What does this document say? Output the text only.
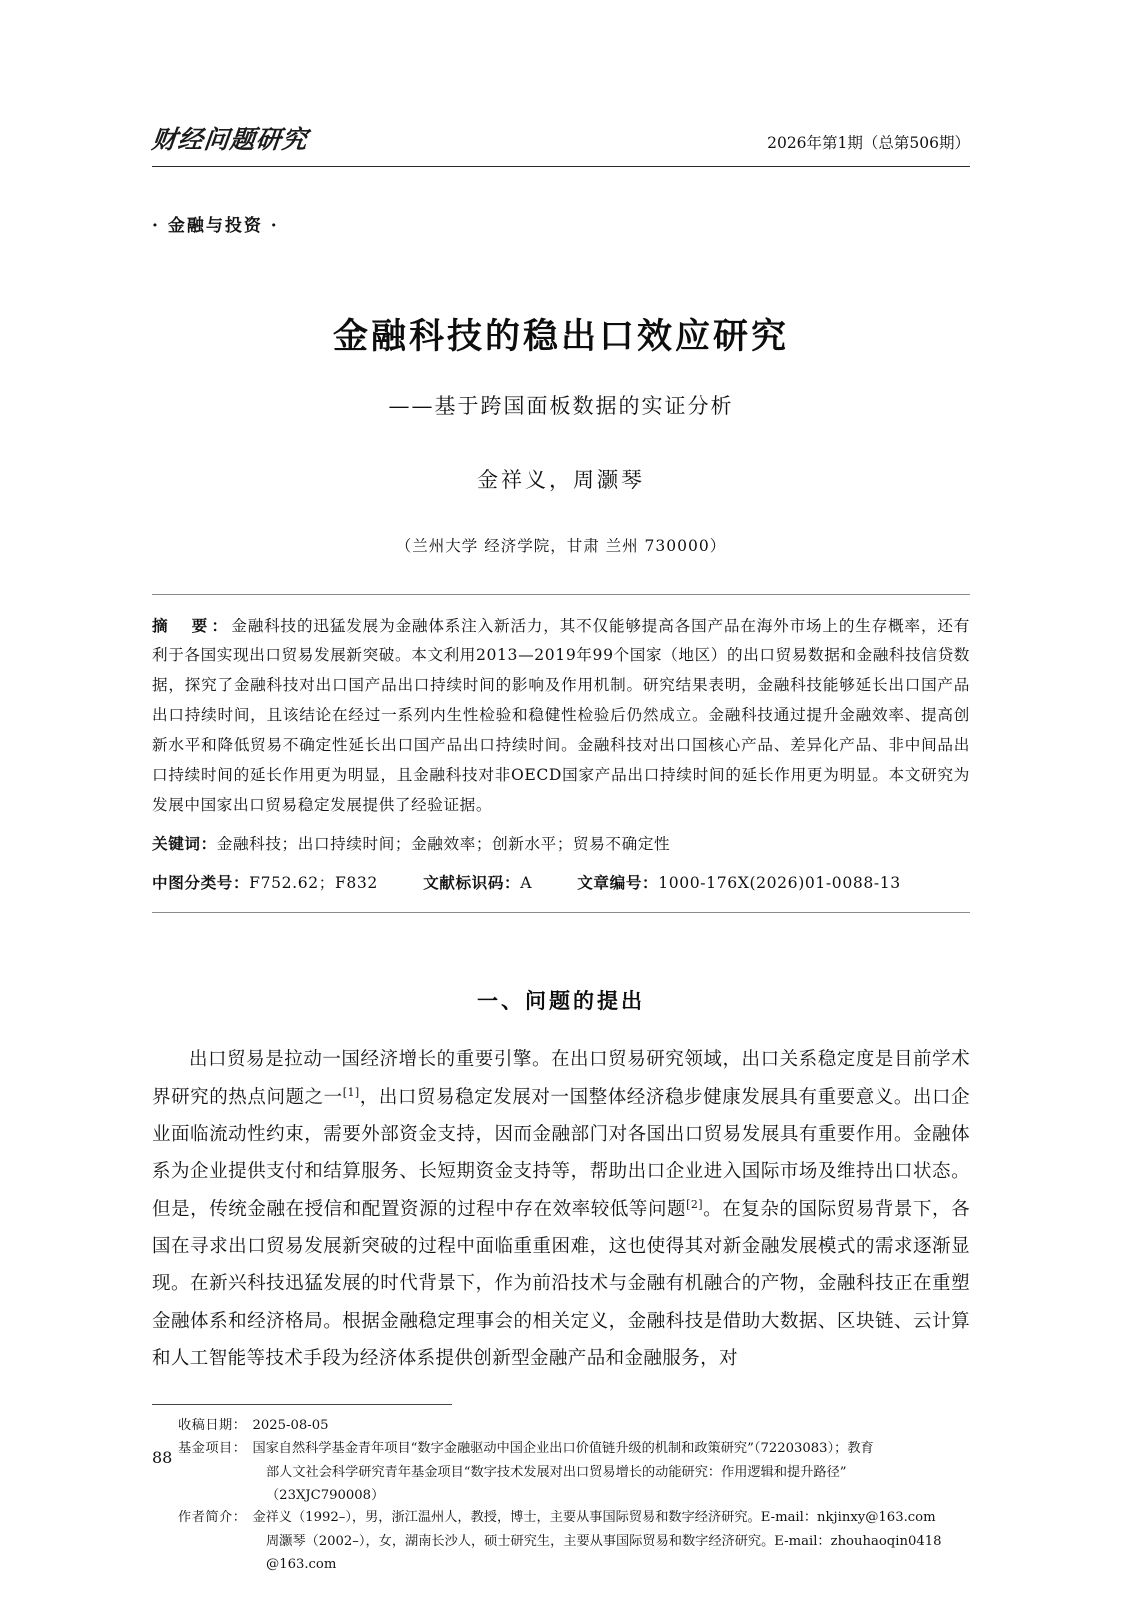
财经问题研究	2026年第1期（总第506期）
· 金融与投资 ·
金融科技的稳出口效应研究
——基于跨国面板数据的实证分析
金祥义，周灏琴
（兰州大学 经济学院，甘肃 兰州 730000）
摘　要：金融科技的迅猛发展为金融体系注入新活力，其不仅能够提高各国产品在海外市场上的生存概率，还有利于各国实现出口贸易发展新突破。本文利用2013—2019年99个国家（地区）的出口贸易数据和金融科技信贷数据，探究了金融科技对出口国产品出口持续时间的影响及作用机制。研究结果表明，金融科技能够延长出口国产品出口持续时间，且该结论在经过一系列内生性检验和稳健性检验后仍然成立。金融科技通过提升金融效率、提高创新水平和降低贸易不确定性延长出口国产品出口持续时间。金融科技对出口国核心产品、差异化产品、非中间品出口持续时间的延长作用更为明显，且金融科技对非OECD国家产品出口持续时间的延长作用更为明显。本文研究为发展中国家出口贸易稳定发展提供了经验证据。
关键词：金融科技；出口持续时间；金融效率；创新水平；贸易不确定性
中图分类号：F752.62；F832	文献标识码：A	文章编号：1000-176X(2026)01-0088-13
一、问题的提出
出口贸易是拉动一国经济增长的重要引擎。在出口贸易研究领域，出口关系稳定度是目前学术界研究的热点问题之一[1]，出口贸易稳定发展对一国整体经济稳步健康发展具有重要意义。出口企业面临流动性约束，需要外部资金支持，因而金融部门对各国出口贸易发展具有重要作用。金融体系为企业提供支付和结算服务、长短期资金支持等，帮助出口企业进入国际市场及维持出口状态。但是，传统金融在授信和配置资源的过程中存在效率较低等问题[2]。在复杂的国际贸易背景下，各国在寻求出口贸易发展新突破的过程中面临重重困难，这也使得其对新金融发展模式的需求逐渐显现。在新兴科技迅猛发展的时代背景下，作为前沿技术与金融有机融合的产物，金融科技正在重塑金融体系和经济格局。根据金融稳定理事会的相关定义，金融科技是借助大数据、区块链、云计算和人工智能等技术手段为经济体系提供创新型金融产品和金融服务，对
收稿日期： 2025-08-05
基金项目： 国家自然科学基金青年项目“数字金融驱动中国企业出口价值链升级的机制和政策研究”（72203083）；教育
部人文社会科学研究青年基金项目“数字技术发展对出口贸易增长的动能研究：作用逻辑和提升路径”
（23XJC790008）
作者简介： 金祥义（1992–），男，浙江温州人，教授，博士，主要从事国际贸易和数字经济研究。E-mail：nkjinxy@163.com
周灏琴（2002–），女，湖南长沙人，硕士研究生，主要从事国际贸易和数字经济研究。E-mail：zhouhaoqin0418
@163.com
88
